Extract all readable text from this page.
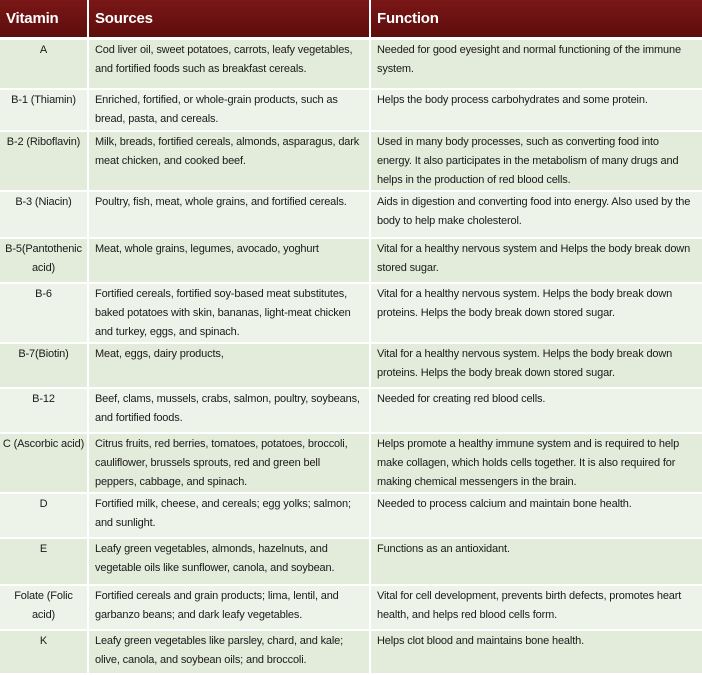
Vitamin	Sources	Function
A	Cod liver oil, sweet potatoes, carrots, leafy vegetables, and fortified foods such as breakfast cereals.	Needed for good eyesight and normal functioning of the immune system.
B-1 (Thiamin)	Enriched, fortified, or whole-grain products, such as bread, pasta, and cereals.	Helps the body process carbohydrates and some protein.
B-2 (Riboflavin)	Milk, breads, fortified cereals, almonds, asparagus, dark meat chicken, and cooked beef.	Used in many body processes, such as converting food into energy. It also participates in the metabolism of many drugs and helps in the production of red blood cells.
B-3 (Niacin)	Poultry, fish, meat, whole grains, and fortified cereals.	Aids in digestion and converting food into energy. Also used by the body to help make cholesterol.
B-5(Pantothenic acid)	Meat, whole grains, legumes, avocado, yoghurt	Vital for a healthy nervous system and Helps the body break down stored sugar.
B-6	Fortified cereals, fortified soy-based meat substitutes, baked potatoes with skin, bananas, light-meat chicken and turkey, eggs, and spinach.	Vital for a healthy nervous system. Helps the body break down proteins. Helps the body break down stored sugar.
B-7(Biotin)	Meat, eggs, dairy products,	Vital for a healthy nervous system. Helps the body break down proteins. Helps the body break down stored sugar.
B-12	Beef, clams, mussels, crabs, salmon, poultry, soybeans, and fortified foods.	Needed for creating red blood cells.
C (Ascorbic acid)	Citrus fruits, red berries, tomatoes, potatoes, broccoli, cauliflower, brussels sprouts, red and green bell peppers, cabbage, and spinach.	Helps promote a healthy immune system and is required to help make collagen, which holds cells together. It is also required for making chemical messengers in the brain.
D	Fortified milk, cheese, and cereals; egg yolks; salmon; and sunlight.	Needed to process calcium and maintain bone health.
E	Leafy green vegetables, almonds, hazelnuts, and vegetable oils like sunflower, canola, and soybean.	Functions as an antioxidant.
Folate (Folic acid)	Fortified cereals and grain products; lima, lentil, and garbanzo beans; and dark leafy vegetables.	Vital for cell development, prevents birth defects, promotes heart health, and helps red blood cells form.
K	Leafy green vegetables like parsley, chard, and kale; olive, canola, and soybean oils; and broccoli.	Helps clot blood and maintains bone health.
